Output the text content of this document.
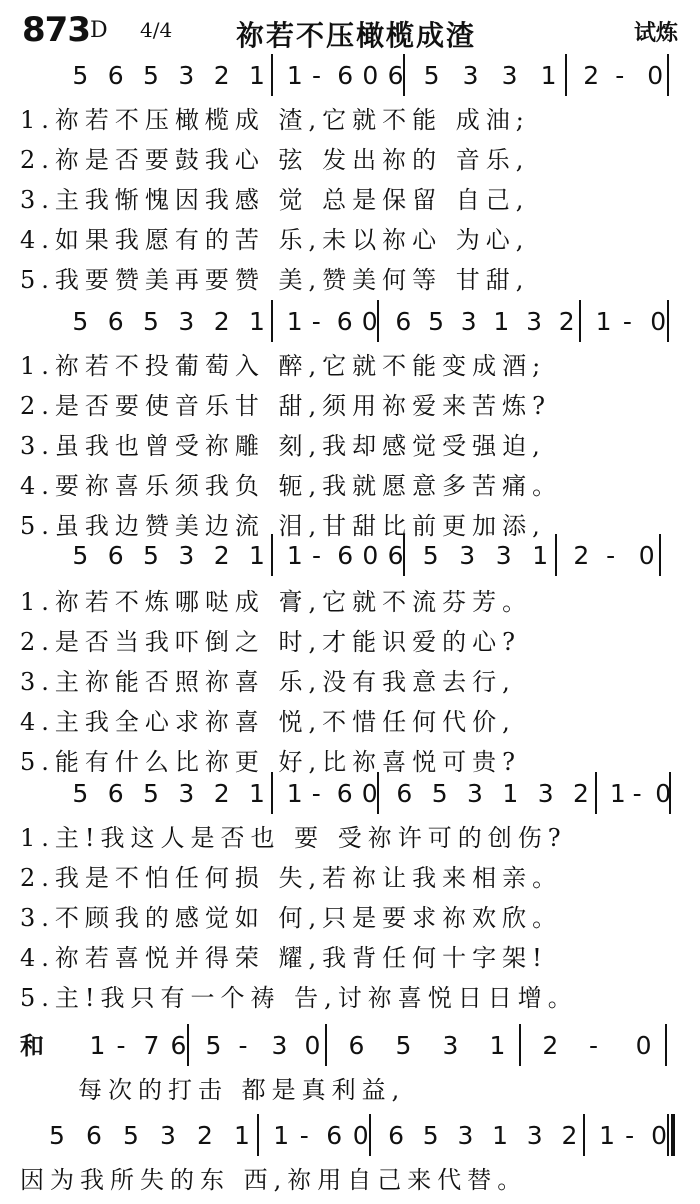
873 D 4/4 祢若不压橄榄成渣	试炼
5 6 5 3 2 1 1 - 6 0 6 5 3 3 1 2 - 0
1.祢若不压橄榄成 渣,它就不能 成油;
2.祢是否要鼓我心 弦 发出祢的 音乐,
3.主我惭愧因我感 觉 总是保留 自己,
4.如果我愿有的苦 乐,未以祢心 为心,
5.我要赞美再要赞 美,赞美何等 甘甜,
5 6 5 3 2 1 1 - 6 0 6 5 3 1 3 2 1 - 0
1.祢若不投葡萄入 醉,它就不能变成酒;
2.是否要使音乐甘 甜,须用祢爱来苦炼?
3.虽我也曾受祢雕 刻,我却感觉受强迫,
4.要祢喜乐须我负 轭,我就愿意多苦痛。
5.虽我边赞美边流 泪,甘甜比前更加添,
5 6 5 3 2 1 1 - 6 0 6 5 3 3 1 2 - 0
1.祢若不炼哪哒成 膏,它就不流芬芳。
2.是否当我吓倒之 时,才能识爱的心?
3.主祢能否照祢喜 乐,没有我意去行,
4.主我全心求祢喜 悦,不惜任何代价,
5.能有什么比祢更 好,比祢喜悦可贵?
5 6 5 3 2 1 1 - 6 0 6 5 3 1 3 2 1 - 0
1.主!我这人是否也 要 受祢许可的创伤?
2.我是不怕任何损 失,若祢让我来相亲。
3.不顾我的感觉如 何,只是要求祢欢欣。
4.祢若喜悦并得荣 耀,我背任何十字架!
5.主!我只有一个祷 告,讨祢喜悦日日增。
和 1 - 7 6 5 - 3 0 6 5 3 1 2 - 0
每次的打击 都是真利益,
5 6 5 3 2 1 1 - 6 0 6 5 3 1 3 2 1 - 0
因为我所失的东 西,祢用自己来代替。
